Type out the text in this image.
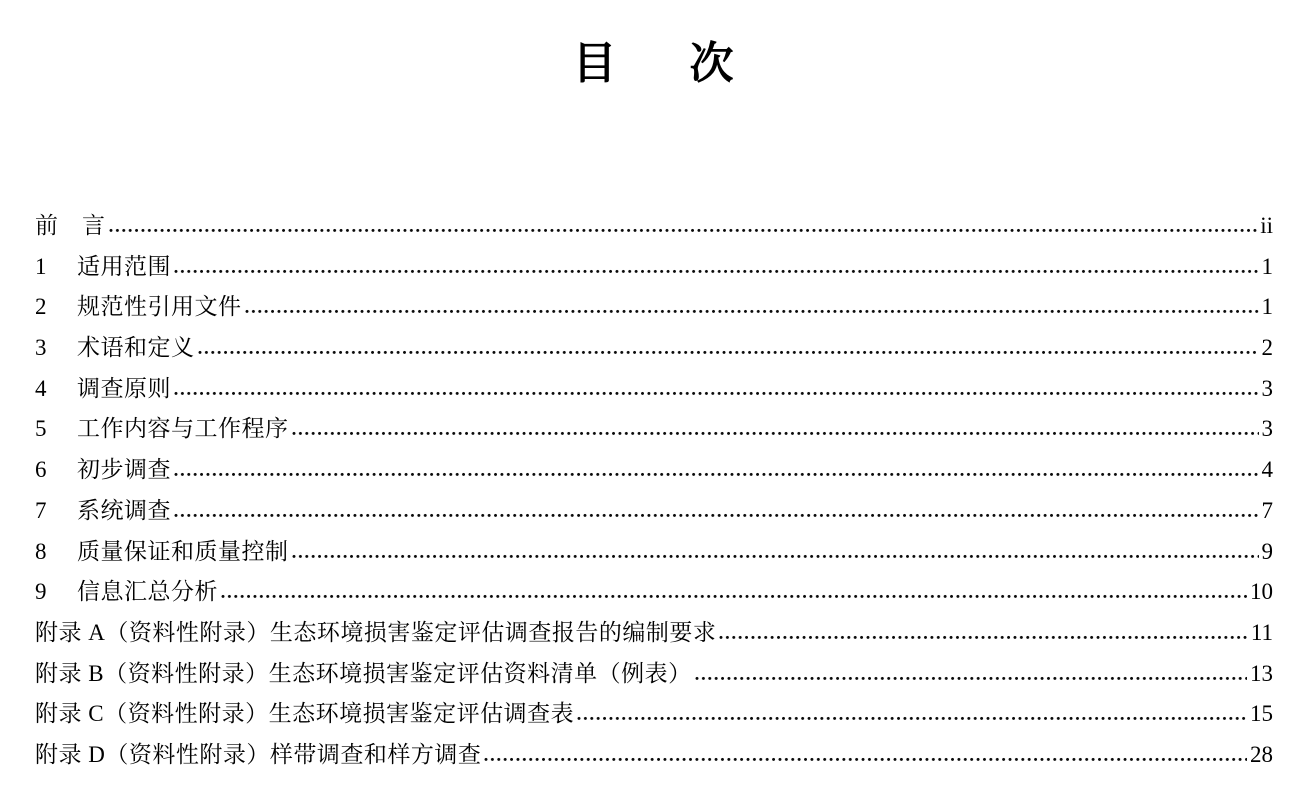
目 次
前　言	ii
1	适用范围	1
2	规范性引用文件	1
3	术语和定义	2
4	调查原则	3
5	工作内容与工作程序	3
6	初步调查	4
7	系统调查	7
8	质量保证和质量控制	9
9	信息汇总分析	10
附录 A（资料性附录）生态环境损害鉴定评估调查报告的编制要求	11
附录 B（资料性附录）生态环境损害鉴定评估资料清单（例表）	13
附录 C（资料性附录）生态环境损害鉴定评估调查表	15
附录 D（资料性附录）样带调查和样方调查	28
